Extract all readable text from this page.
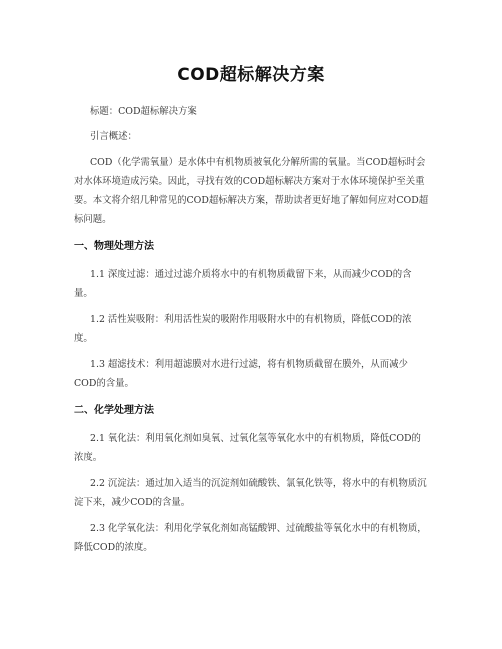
COD超标解决方案

标题：COD超标解决方案

引言概述：

COD（化学需氧量）是水体中有机物质被氧化分解所需的氧量。当COD超标时会对水体环境造成污染。因此，寻找有效的COD超标解决方案对于水体环境保护至关重要。本文将介绍几种常见的COD超标解决方案，帮助读者更好地了解如何应对COD超标问题。

一、物理处理方法

1.1 深度过滤：通过过滤介质将水中的有机物质截留下来，从而减少COD的含量。

1.2 活性炭吸附：利用活性炭的吸附作用吸附水中的有机物质，降低COD的浓度。

1.3 超滤技术：利用超滤膜对水进行过滤，将有机物质截留在膜外，从而减少COD的含量。

二、化学处理方法

2.1 氧化法：利用氧化剂如臭氧、过氧化氢等氧化水中的有机物质，降低COD的浓度。

2.2 沉淀法：通过加入适当的沉淀剂如硫酸铁、氯氧化铁等，将水中的有机物质沉淀下来，减少COD的含量。

2.3 化学氧化法：利用化学氧化剂如高锰酸钾、过硫酸盐等氧化水中的有机物质，降低COD的浓度。
